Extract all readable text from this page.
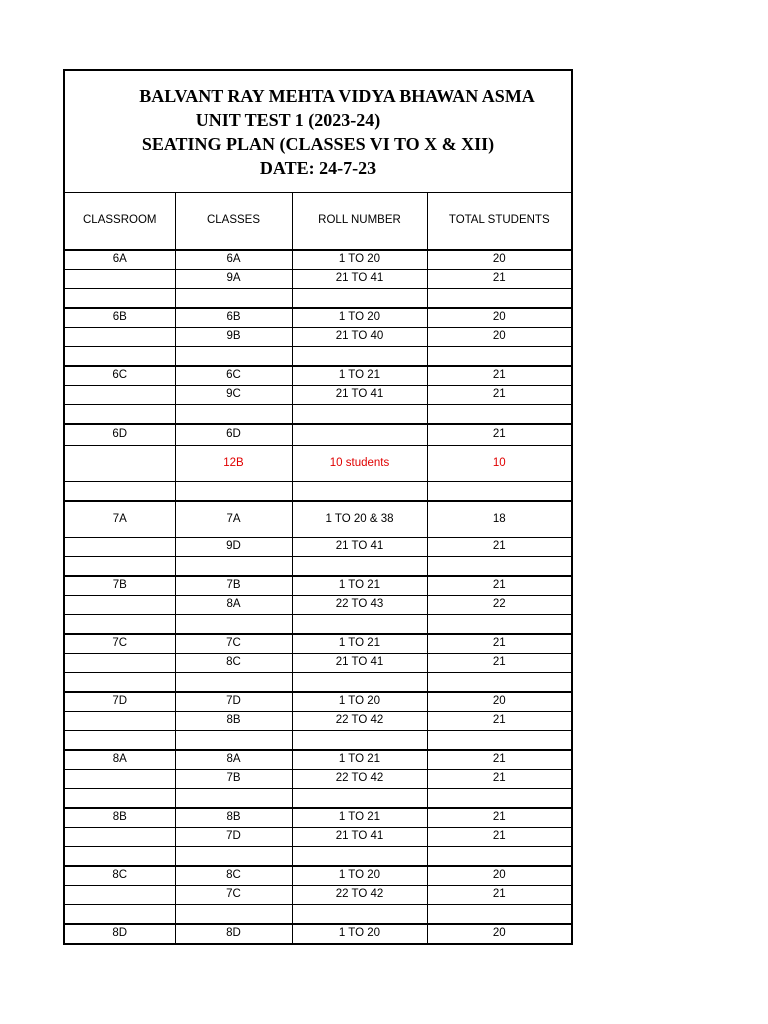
BALVANT RAY MEHTA VIDYA BHAWAN ASMA
UNIT TEST 1 (2023-24)
SEATING PLAN (CLASSES VI TO X & XII)
DATE: 24-7-23			

CLASSROOM	CLASSES	ROLL NUMBER	TOTAL STUDENTS
6A	6A	1 TO 20	20
	9A	21 TO 41	21

6B	6B	1 TO 20	20
	9B	21 TO 40	20

6C	6C	1 TO 21	21
	9C	21 TO 41	21

6D	6D		21
	12B	10 students	10

7A	7A	1 TO 20 & 38	18
	9D	21 TO 41	21

7B	7B	1 TO 21	21
	8A	22 TO 43	22

7C	7C	1 TO 21	21
	8C	21 TO 41	21

7D	7D	1 TO 20	20
	8B	22 TO 42	21

8A	8A	1 TO 21	21
	7B	22 TO 42	21

8B	8B	1 TO 21	21
	7D	21 TO 41	21

8C	8C	1 TO 20	20
	7C	22 TO 42	21

8D	8D	1 TO 20	20
